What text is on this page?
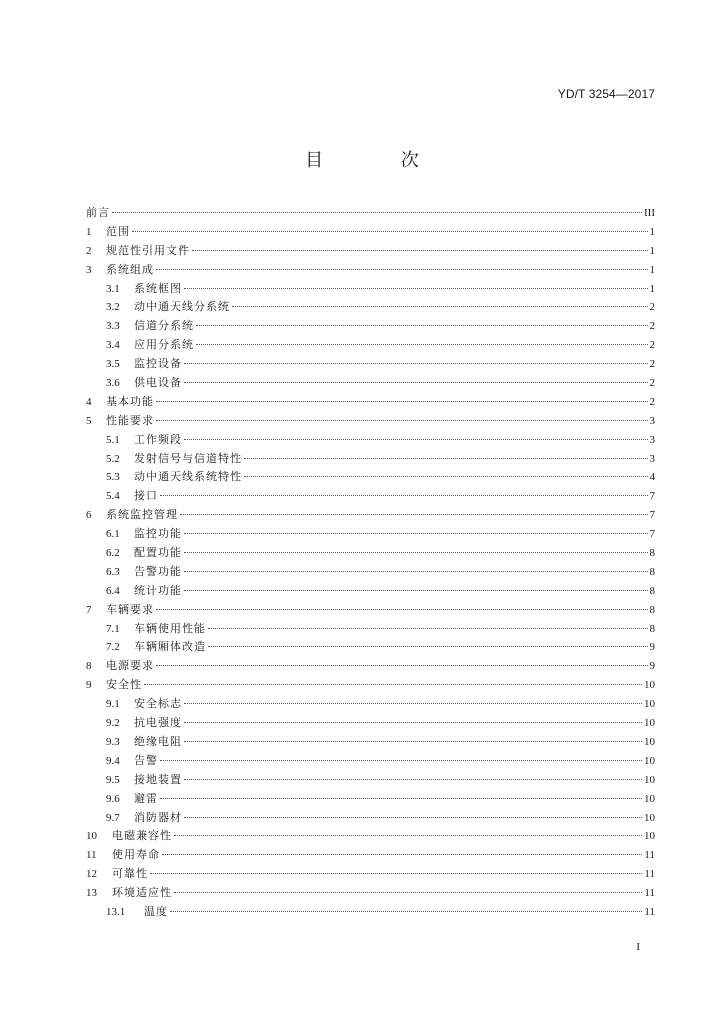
YD/T 3254—2017
目 次
前言	III
1	范围	1
2	规范性引用文件	1
3	系统组成	1
3.1	系统框图	1
3.2	动中通天线分系统	2
3.3	信道分系统	2
3.4	应用分系统	2
3.5	监控设备	2
3.6	供电设备	2
4	基本功能	2
5	性能要求	3
5.1	工作频段	3
5.2	发射信号与信道特性	3
5.3	动中通天线系统特性	4
5.4	接口	7
6	系统监控管理	7
6.1	监控功能	7
6.2	配置功能	8
6.3	告警功能	8
6.4	统计功能	8
7	车辆要求	8
7.1	车辆使用性能	8
7.2	车辆厢体改造	9
8	电源要求	9
9	安全性	10
9.1	安全标志	10
9.2	抗电强度	10
9.3	绝缘电阻	10
9.4	告警	10
9.5	接地装置	10
9.6	避雷	10
9.7	消防器材	10
10	电磁兼容性	10
11	使用寿命	11
12	可靠性	11
13	环境适应性	11
13.1	温度	11
I
